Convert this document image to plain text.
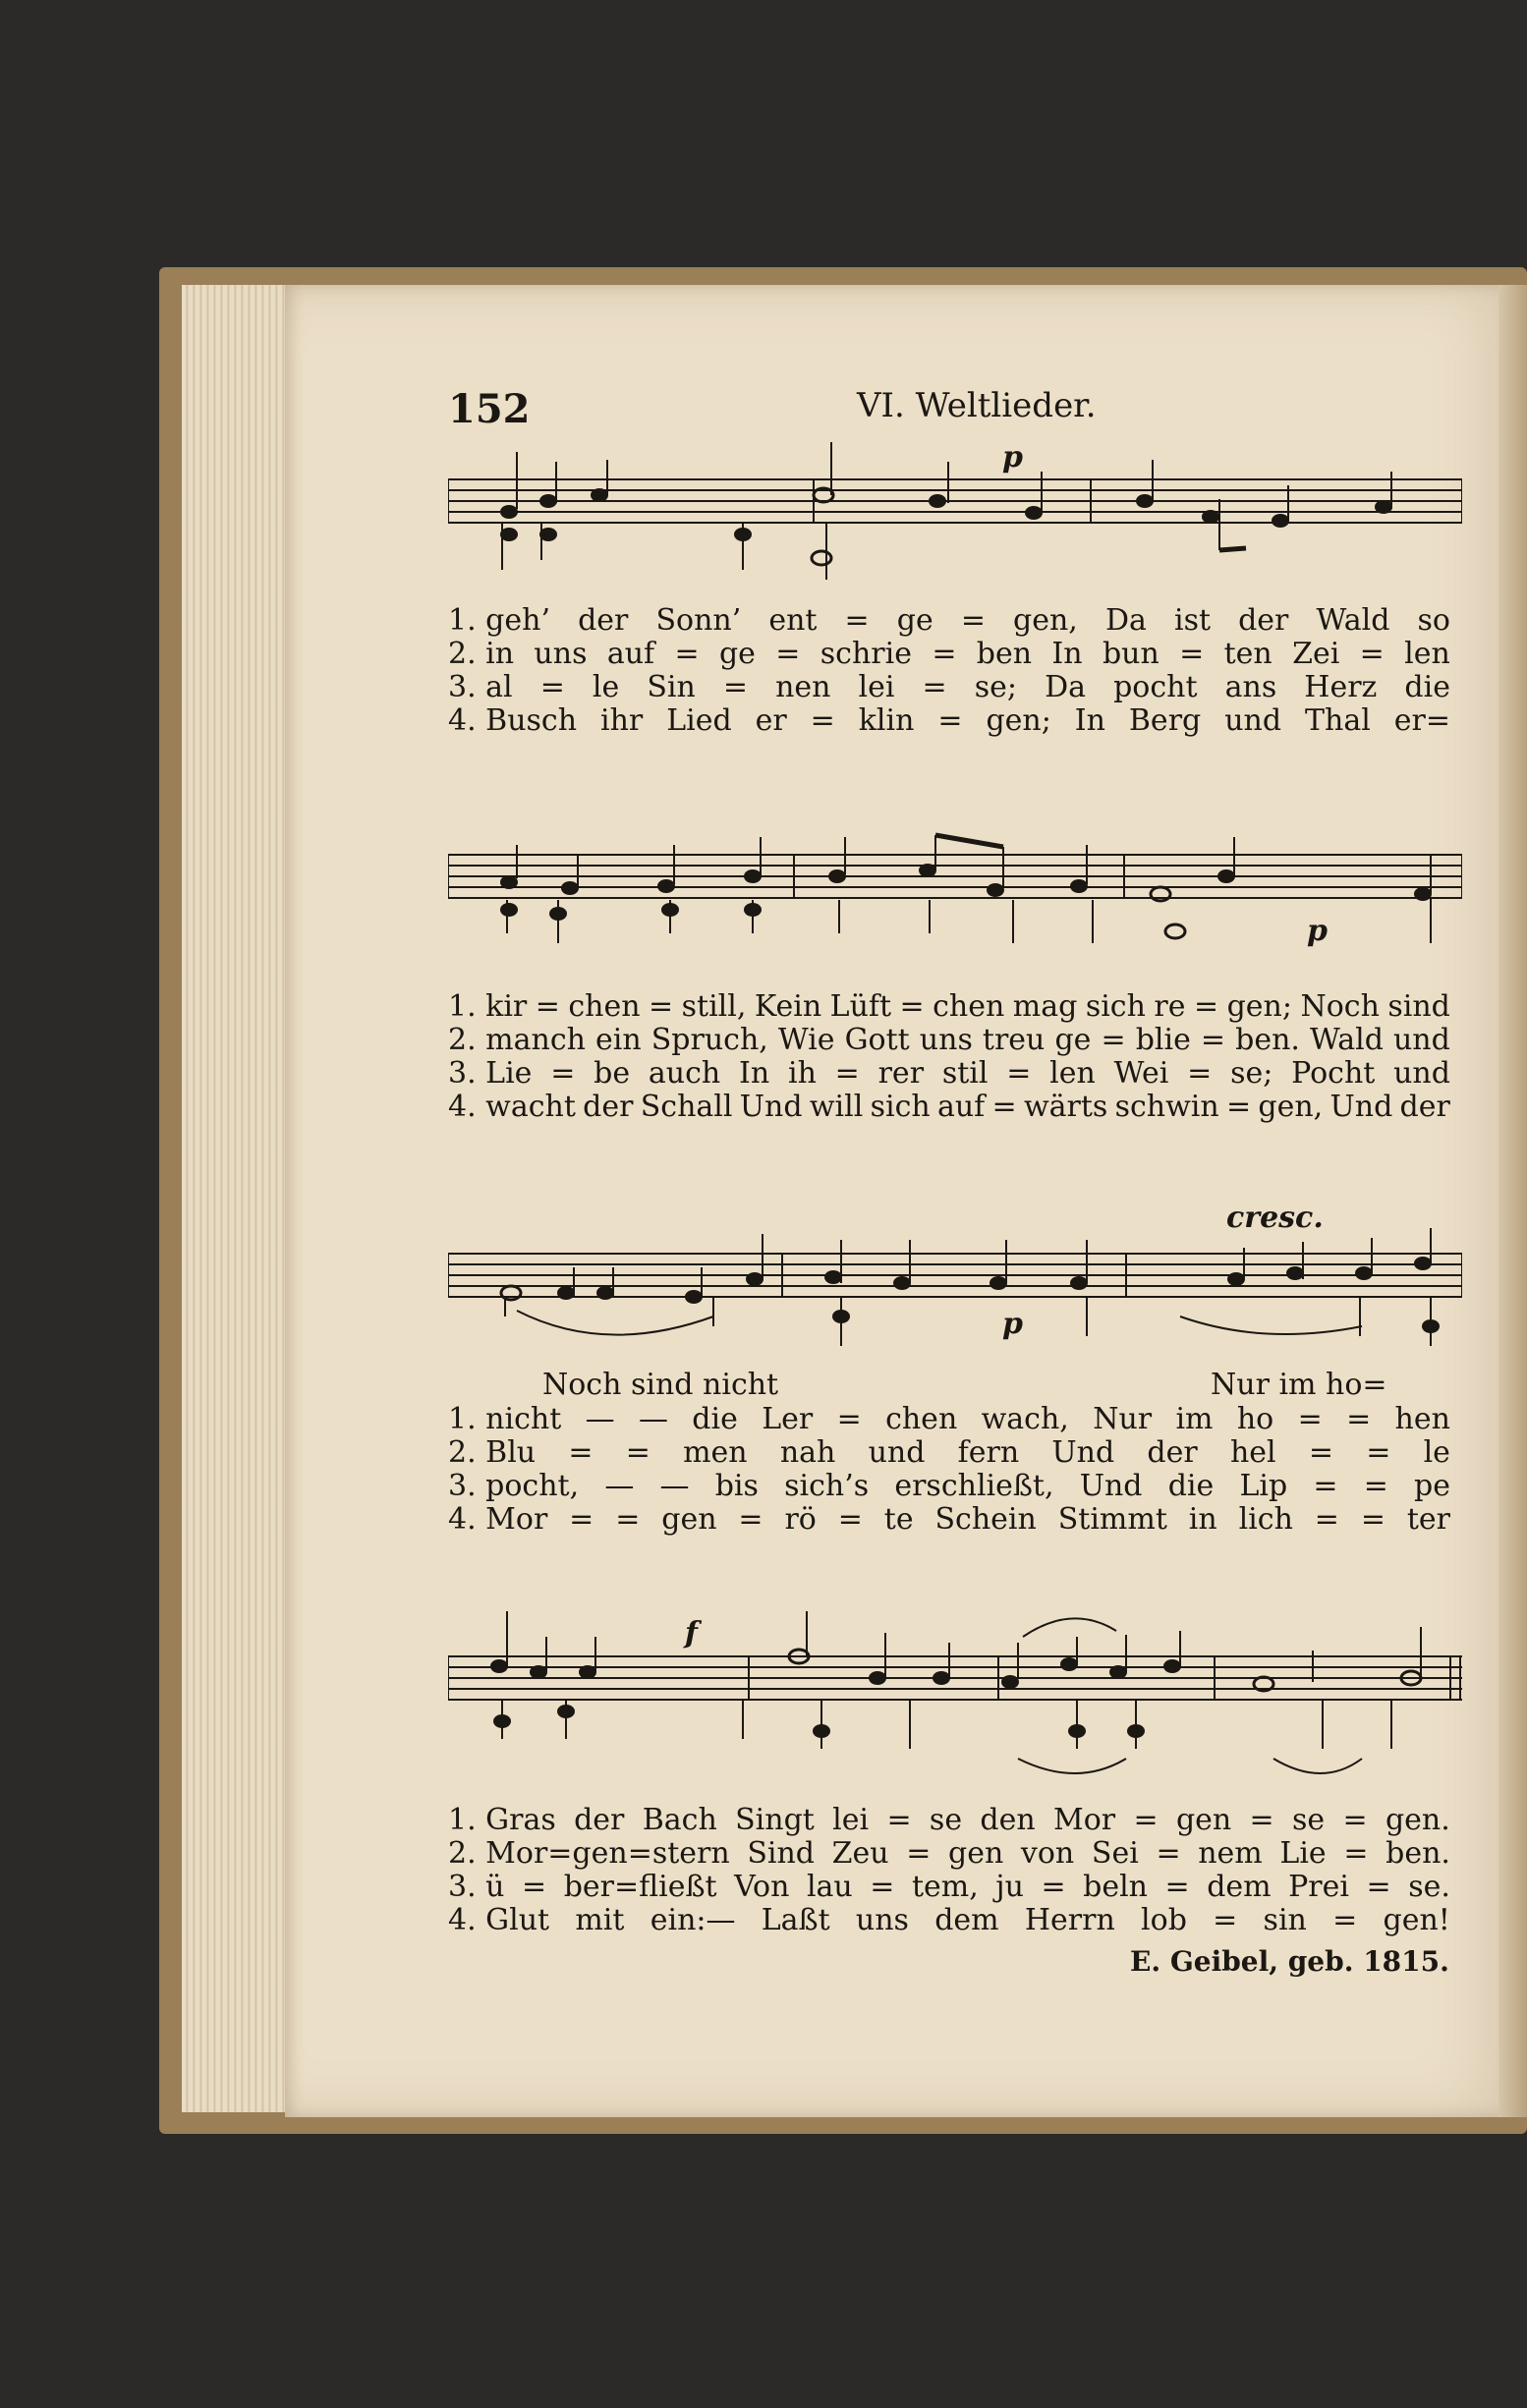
152	VI. Weltlieder.
p
1. geh’ der Sonn’ ent = ge = gen, Da ist der Wald so
2. in uns auf = ge = schrie = ben In bun = ten Zei = len
3. al = le Sin = nen lei = se; Da pocht ans Herz die
4. Busch ihr Lied er = klin = gen; In Berg und Thal er=
p
1. kir = chen = still, Kein Lüft = chen mag sich re = gen; Noch sind
2. manch ein Spruch, Wie Gott uns treu ge = blie = ben. Wald und
3. Lie = be auch In ih = rer stil = len Wei = se; Pocht und
4. wacht der Schall Und will sich auf = wärts schwin = gen, Und der
cresc.
p
Noch sind nicht	Nur im ho=
1. nicht — — die Ler = chen wach, Nur im ho = = hen
2. Blu = = men nah und fern Und der hel = = le
3. pocht, — — bis sich’s erschließt, Und die Lip = = pe
4. Mor = = gen = rö = te Schein Stimmt in lich = = ter
f
1. Gras der Bach Singt lei = se den Mor = gen = se = gen.
2. Mor=gen=stern Sind Zeu = gen von Sei = nem Lie = ben.
3. ü = ber=fließt Von lau = tem, ju = beln = dem Prei = se.
4. Glut mit ein:— Laßt uns dem Herrn lob = sin = gen!
E. Geibel, geb. 1815.
